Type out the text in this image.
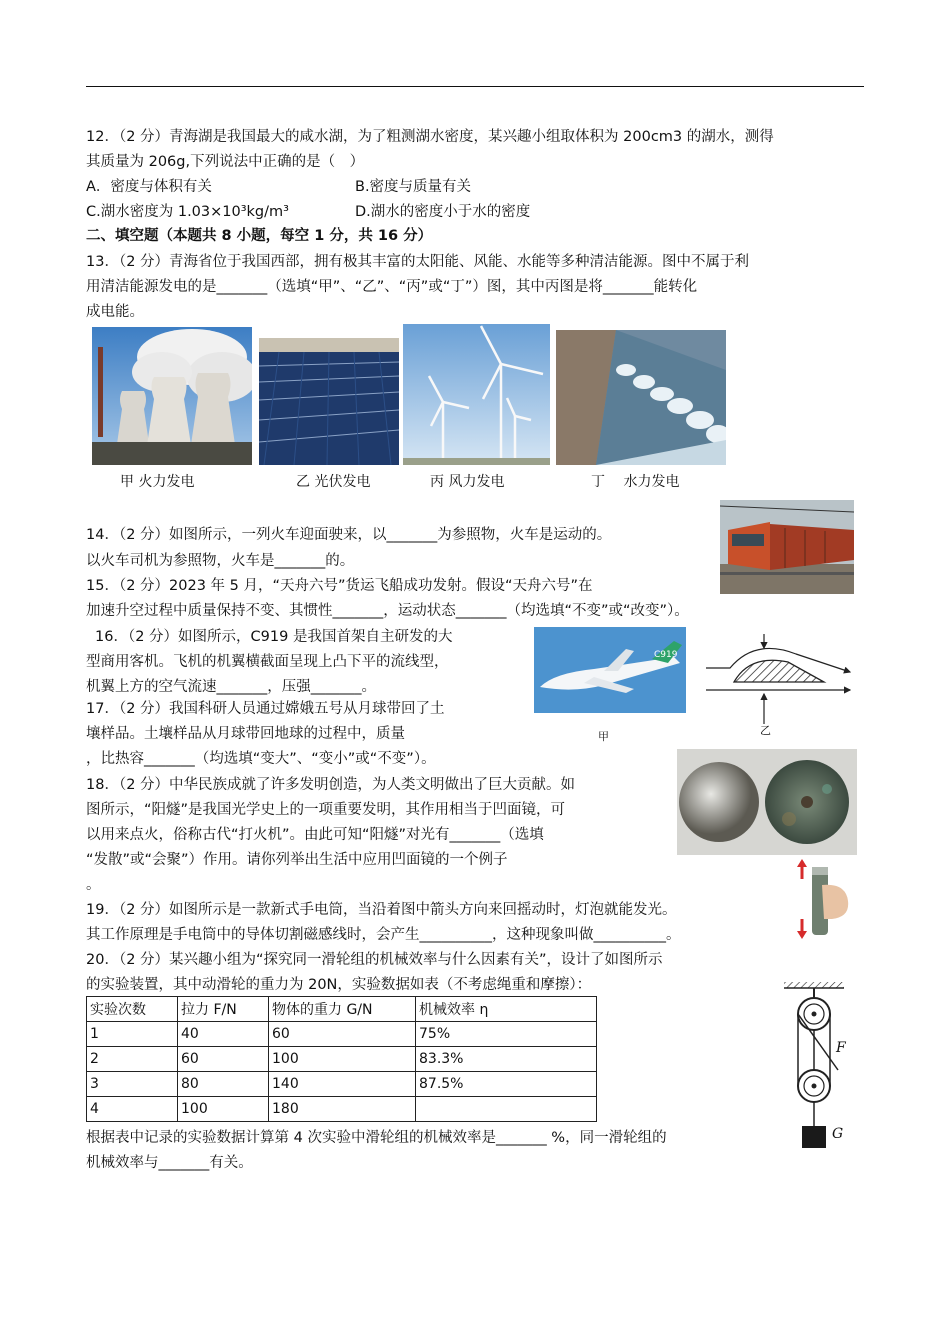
12．（2 分）青海湖是我国最大的咸水湖，为了粗测湖水密度，某兴趣小组取体积为 200cm3 的湖水，测得
其质量为 206g,下列说法中正确的是（　）
A．密度与体积有关	B.密度与质量有关
C.湖水密度为 1.03×10³kg/m³	D.湖水的密度小于水的密度
二、填空题（本题共 8 小题，每空 1 分，共 16 分）
13．（2 分）青海省位于我国西部，拥有极其丰富的太阳能、风能、水能等多种清洁能源。图中不属于利
用清洁能源发电的是_______（选填“甲”、“乙”、“丙”或“丁”）图，其中丙图是将_______能转化
成电能。
甲 火力发电	乙 光伏发电	丙 风力发电	丁　 水力发电
14．（2 分）如图所示，一列火车迎面驶来，以_______为参照物，火车是运动的。
以火车司机为参照物，火车是_______的。
15．（2 分）2023 年 5 月，“天舟六号”货运飞船成功发射。假设“天舟六号”在
加速升空过程中质量保持不变、其惯性_______，运动状态_______（均选填“不变”或“改变”）。
16．（2 分）如图所示，C919 是我国首架自主研发的大
型商用客机。飞机的机翼横截面呈现上凸下平的流线型，
机翼上方的空气流速_______，压强_______。
C919
甲	乙
17．（2 分）我国科研人员通过嫦娥五号从月球带回了土
壤样品。土壤样品从月球带回地球的过程中，质量
，比热容_______（均选填“变大”、“变小”或“不变”）。
18．（2 分）中华民族成就了许多发明创造，为人类文明做出了巨大贡献。如
图所示，“阳燧”是我国光学史上的一项重要发明，其作用相当于凹面镜，可
以用来点火，俗称古代“打火机”。由此可知“阳燧”对光有_______（选填
“发散”或“会聚”）作用。请你列举出生活中应用凹面镜的一个例子
。
19．（2 分）如图所示是一款新式手电筒，当沿着图中箭头方向来回摇动时，灯泡就能发光。
其工作原理是手电筒中的导体切割磁感线时，会产生__________，这种现象叫做__________。
20．（2 分）某兴趣小组为“探究同一滑轮组的机械效率与什么因素有关”，设计了如图所示
的实验装置，其中动滑轮的重力为 20N，实验数据如表（不考虑绳重和摩擦）：
实验次数	拉力 F/N	物体的重力 G/N	机械效率 η
1	40	60	75%
2	60	100	83.3%
3	80	140	87.5%
4	100	180	
根据表中记录的实验数据计算第 4 次实验中滑轮组的机械效率是_______ %，同一滑轮组的
机械效率与_______有关。
F
G
